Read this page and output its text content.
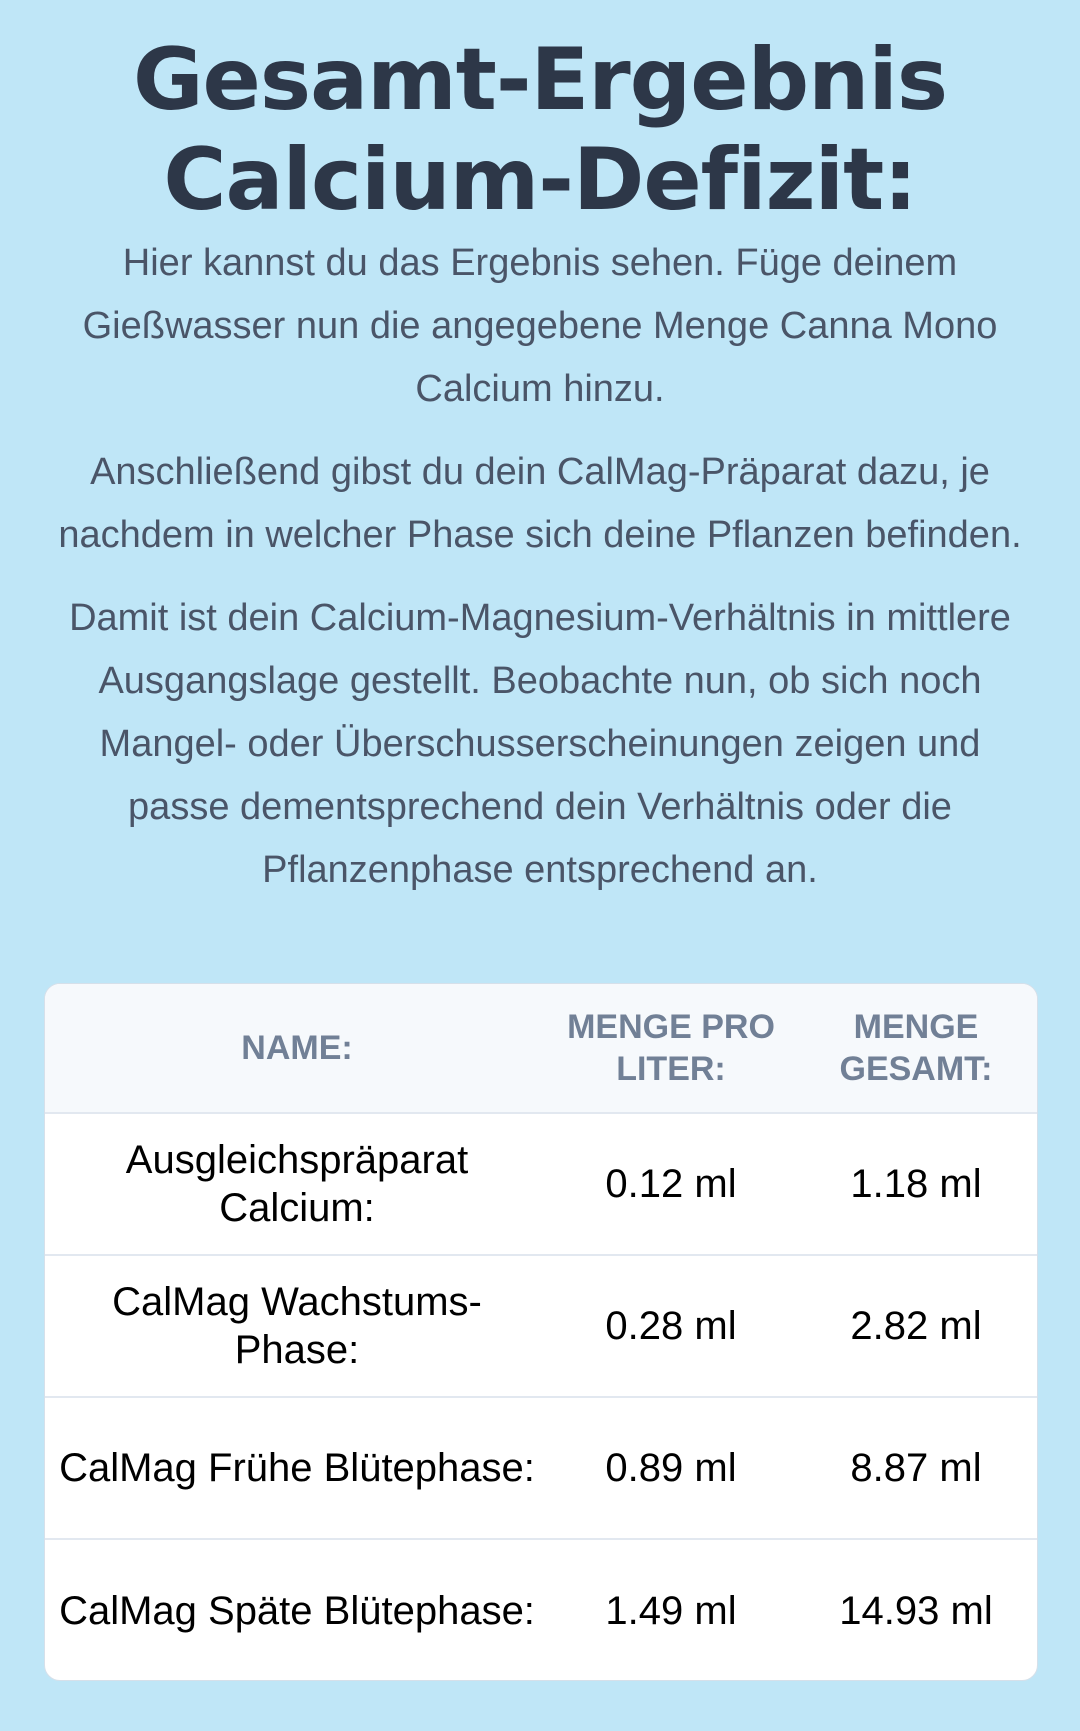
Gesamt-Ergebnis
Calcium-Defizit:

Hier kannst du das Ergebnis sehen. Füge deinem Gießwasser nun die angegebene Menge Canna Mono Calcium hinzu.

Anschließend gibst du dein CalMag-Präparat dazu, je nachdem in welcher Phase sich deine Pflanzen befinden.

Damit ist dein Calcium-Magnesium-Verhältnis in mittlere Ausgangslage gestellt. Beobachte nun, ob sich noch Mangel- oder Überschusserscheinungen zeigen und passe dementsprechend dein Verhältnis oder die Pflanzenphase entsprechend an.

NAME:	MENGE PRO LITER:	MENGE GESAMT:
Ausgleichspräparat Calcium:	0.12 ml	1.18 ml
CalMag Wachstums-Phase:	0.28 ml	2.82 ml
CalMag Frühe Blütephase:	0.89 ml	8.87 ml
CalMag Späte Blütephase:	1.49 ml	14.93 ml
